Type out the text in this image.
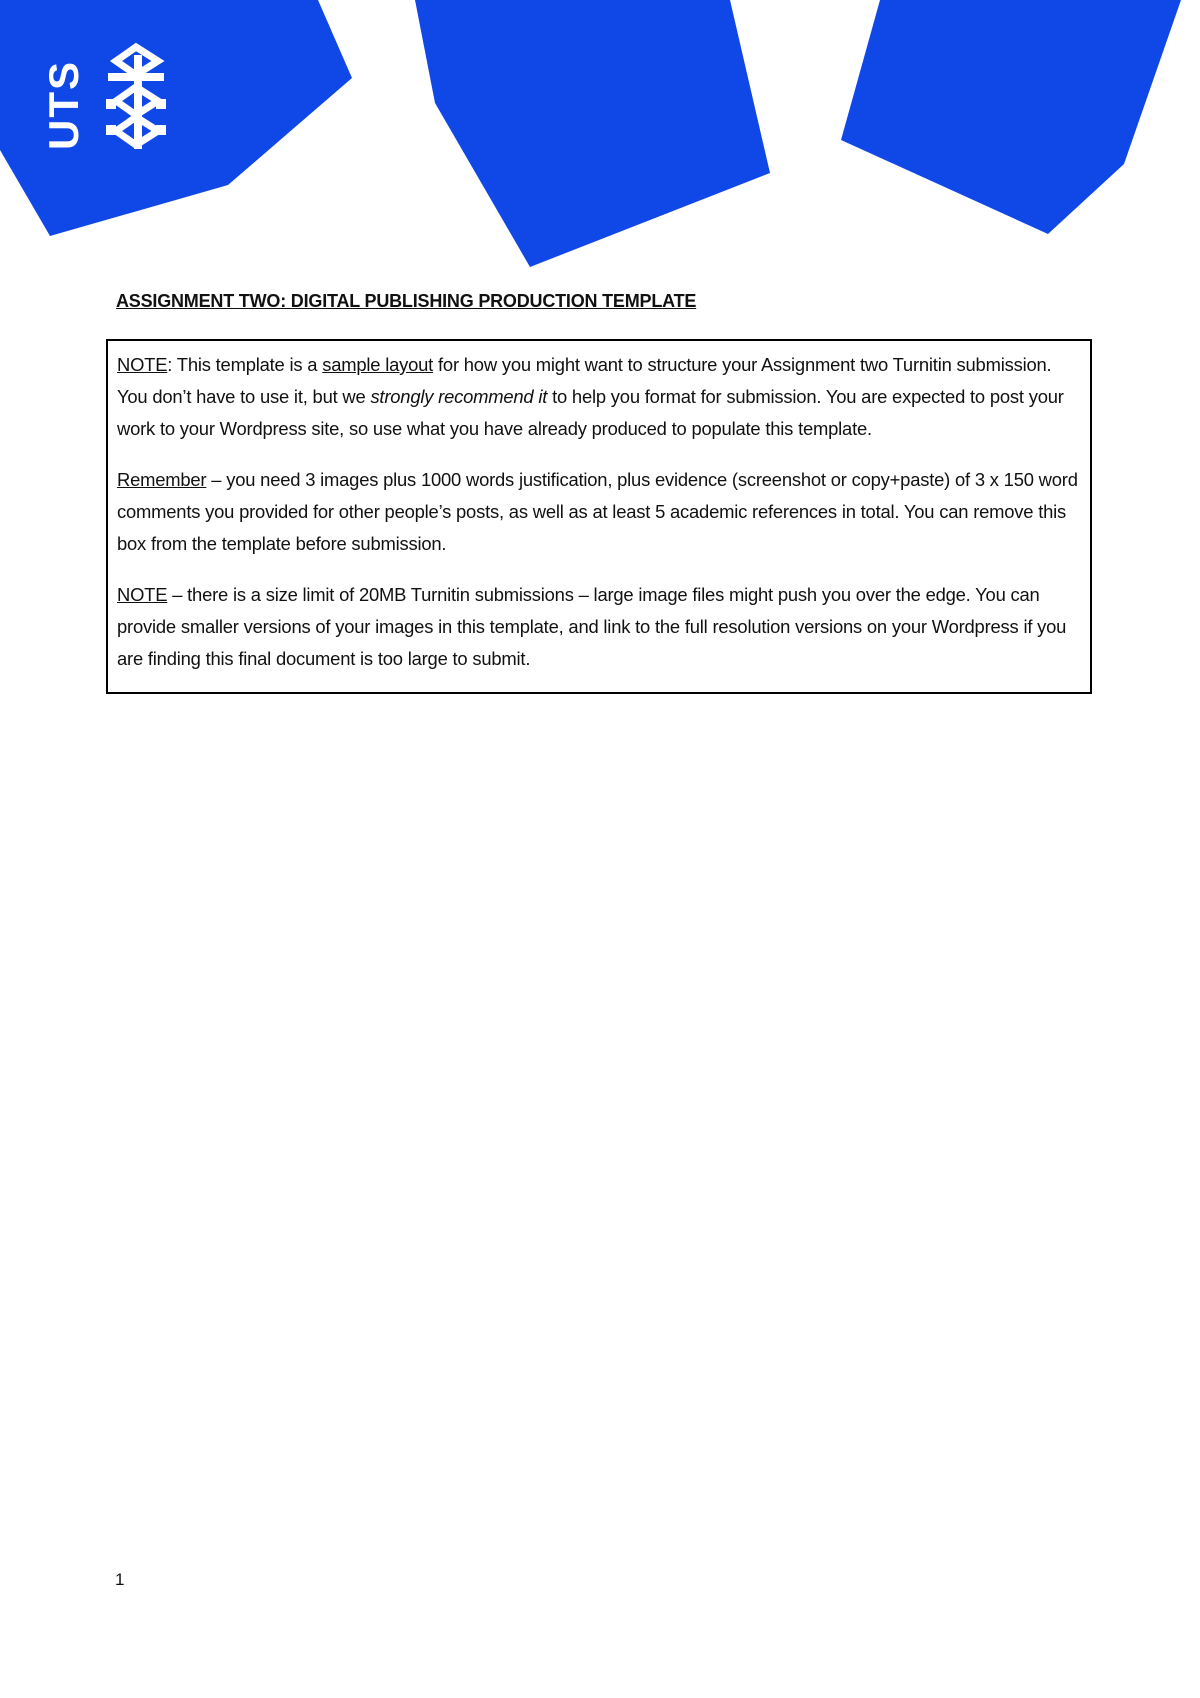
UTS
ASSIGNMENT TWO: DIGITAL PUBLISHING PRODUCTION TEMPLATE

NOTE: This template is a sample layout for how you might want to structure your Assignment two Turnitin submission. You don’t have to use it, but we strongly recommend it to help you format for submission. You are expected to post your work to your Wordpress site, so use what you have already produced to populate this template.

Remember – you need 3 images plus 1000 words justification, plus evidence (screenshot or copy+paste) of 3 x 150 word comments you provided for other people’s posts, as well as at least 5 academic references in total. You can remove this box from the template before submission.

NOTE – there is a size limit of 20MB Turnitin submissions – large image files might push you over the edge. You can provide smaller versions of your images in this template, and link to the full resolution versions on your Wordpress if you are finding this final document is too large to submit.

1
